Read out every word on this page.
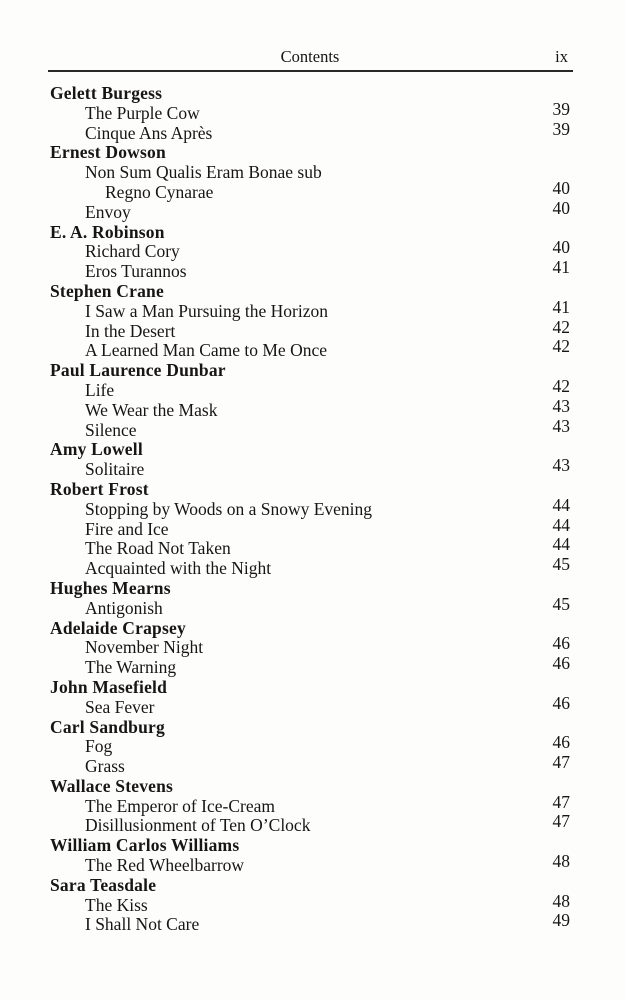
Contents	ix
Gelett Burgess
The Purple Cow	39
Cinque Ans Après	39
Ernest Dowson
Non Sum Qualis Eram Bonae sub
Regno Cynarae	40
Envoy	40
E. A. Robinson
Richard Cory	40
Eros Turannos	41
Stephen Crane
I Saw a Man Pursuing the Horizon	41
In the Desert	42
A Learned Man Came to Me Once	42
Paul Laurence Dunbar
Life	42
We Wear the Mask	43
Silence	43
Amy Lowell
Solitaire	43
Robert Frost
Stopping by Woods on a Snowy Evening	44
Fire and Ice	44
The Road Not Taken	44
Acquainted with the Night	45
Hughes Mearns
Antigonish	45
Adelaide Crapsey
November Night	46
The Warning	46
John Masefield
Sea Fever	46
Carl Sandburg
Fog	46
Grass	47
Wallace Stevens
The Emperor of Ice-Cream	47
Disillusionment of Ten O’Clock	47
William Carlos Williams
The Red Wheelbarrow	48
Sara Teasdale
The Kiss	48
I Shall Not Care	49
